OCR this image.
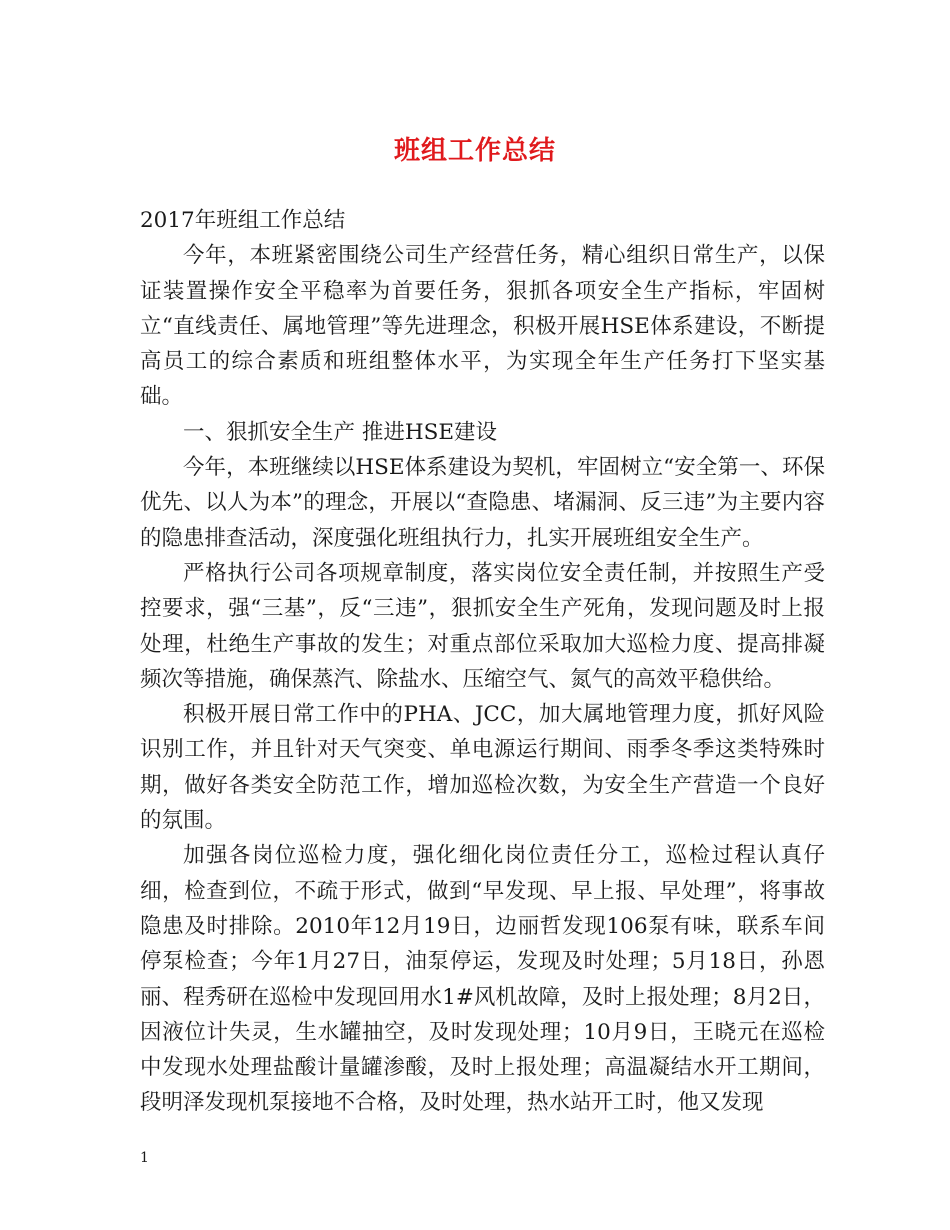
班组工作总结

2017年班组工作总结

今年，本班紧密围绕公司生产经营任务，精心组织日常生产，以保证装置操作安全平稳率为首要任务，狠抓各项安全生产指标，牢固树立“直线责任、属地管理”等先进理念，积极开展HSE体系建设，不断提高员工的综合素质和班组整体水平，为实现全年生产任务打下坚实基础。

一、狠抓安全生产 推进HSE建设

今年，本班继续以HSE体系建设为契机，牢固树立“安全第一、环保优先、以人为本”的理念，开展以“查隐患、堵漏洞、反三违”为主要内容的隐患排查活动，深度强化班组执行力，扎实开展班组安全生产。

严格执行公司各项规章制度，落实岗位安全责任制，并按照生产受控要求，强“三基”，反“三违”，狠抓安全生产死角，发现问题及时上报处理，杜绝生产事故的发生；对重点部位采取加大巡检力度、提高排凝频次等措施，确保蒸汽、除盐水、压缩空气、氮气的高效平稳供给。

积极开展日常工作中的PHA、JCC，加大属地管理力度，抓好风险识别工作，并且针对天气突变、单电源运行期间、雨季冬季这类特殊时期，做好各类安全防范工作，增加巡检次数，为安全生产营造一个良好的氛围。

加强各岗位巡检力度，强化细化岗位责任分工，巡检过程认真仔细，检查到位，不疏于形式，做到“早发现、早上报、早处理”，将事故隐患及时排除。2010年12月19日，边丽哲发现106泵有味，联系车间停泵检查；今年1月27日，油泵停运，发现及时处理；5月18日，孙恩丽、程秀研在巡检中发现回用水1#风机故障，及时上报处理；8月2日，因液位计失灵，生水罐抽空，及时发现处理；10月9日，王晓元在巡检中发现水处理盐酸计量罐渗酸，及时上报处理；高温凝结水开工期间，段明泽发现机泵接地不合格，及时处理，热水站开工时，他又发现

1
